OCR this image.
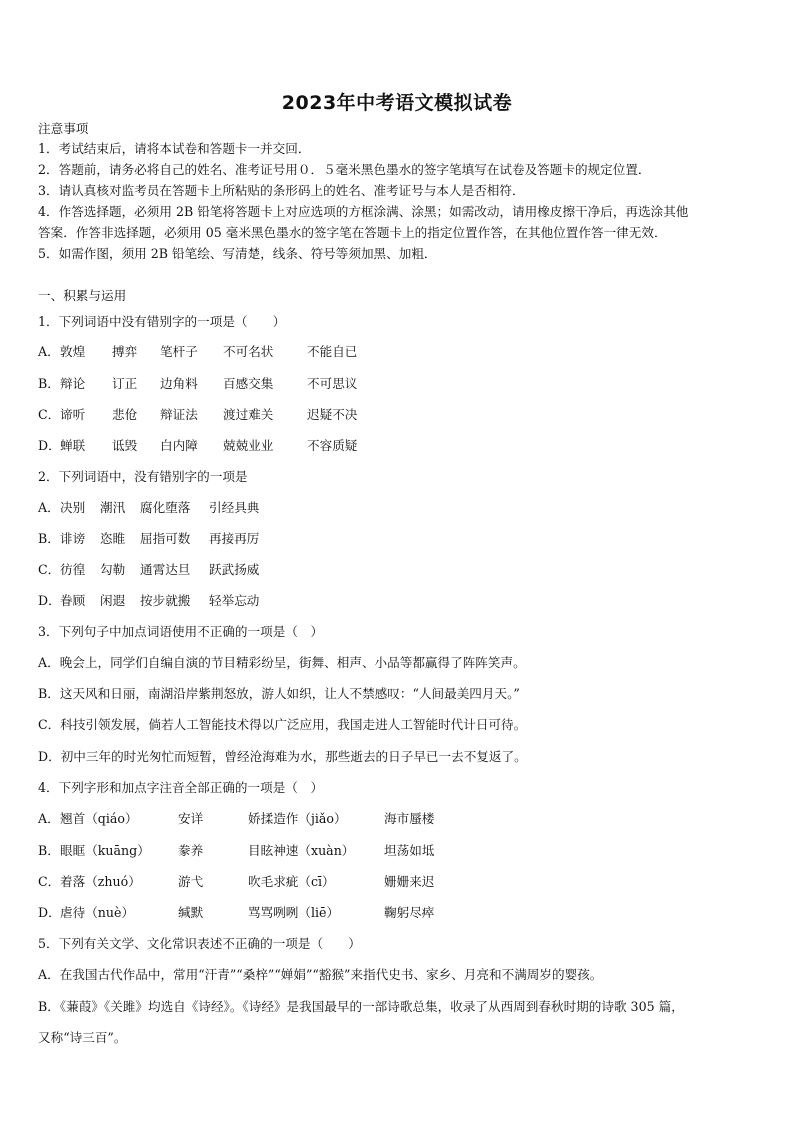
2023年中考语文模拟试卷
注意事项
1．考试结束后，请将本试卷和答题卡一并交回．
2．答题前，请务必将自己的姓名、准考证号用０．５毫米黑色墨水的签字笔填写在试卷及答题卡的规定位置．
3．请认真核对监考员在答题卡上所粘贴的条形码上的姓名、准考证号与本人是否相符．
4．作答选择题，必须用 2B 铅笔将答题卡上对应选项的方框涂满、涂黑；如需改动，请用橡皮擦干净后，再选涂其他
答案．作答非选择题，必须用 05 毫米黑色墨水的签字笔在答题卡上的指定位置作答，在其他位置作答一律无效．
5．如需作图，须用 2B 铅笔绘、写清楚，线条、符号等须加黑、加粗．
一、积累与运用
1．下列词语中没有错别字的一项是（　　）
A．敦煌 搏弈 笔杆子 不可名状	不能自已
B．辩论 订正 边角料 百感交集	不可思议
C．谛听 悲伧 辩证法 渡过难关	迟疑不决
D．蝉联 诋毁 白内障 兢兢业业	不容质疑
2．下列词语中，没有错别字的一项是
A．决别 潮汛 腐化堕落 引经具典
B．诽谤 恣睢 屈指可数 再接再厉
C．彷徨 勾勒 通霄达旦 跃武扬威
D．眷顾 闲遐 按步就搬 轻举忘动
3．下列句子中加点词语使用不正确的一项是（　）
A．晚会上，同学们自编自演的节目精彩纷呈，街舞、相声、小品等都赢得了阵阵笑声。
B．这天风和日丽，南湖沿岸紫荆怒放，游人如织，让人不禁感叹：“人间最美四月天。”
C．科技引领发展，倘若人工智能技术得以广泛应用，我国走进人工智能时代计日可待。
D．初中三年的时光匆忙而短暂，曾经沧海难为水，那些逝去的日子早已一去不复返了。
4．下列字形和加点字注音全部正确的一项是（　）
A．翘首（qiáo）	安详	娇揉造作（jiǎo）	海市蜃楼
B．眼眶（kuāng） 豢养	目眩神速（xuàn） 坦荡如坻
C．着落（zhuó）	游弋	吹毛求疵（cī）	姗姗来迟
D．虐待（nuè）	缄默	骂骂咧咧（liē）	鞠躬尽瘁
5．下列有关文学、文化常识表述不正确的一项是（　　）
A．在我国古代作品中，常用“汗青”“桑梓”“婵娟”“豁猴”来指代史书、家乡、月亮和不满周岁的婴孩。
B．《蒹葭》《关雎》均选自《诗经》。《诗经》是我国最早的一部诗歌总集，收录了从西周到春秋时期的诗歌 305 篇，
又称“诗三百”。
